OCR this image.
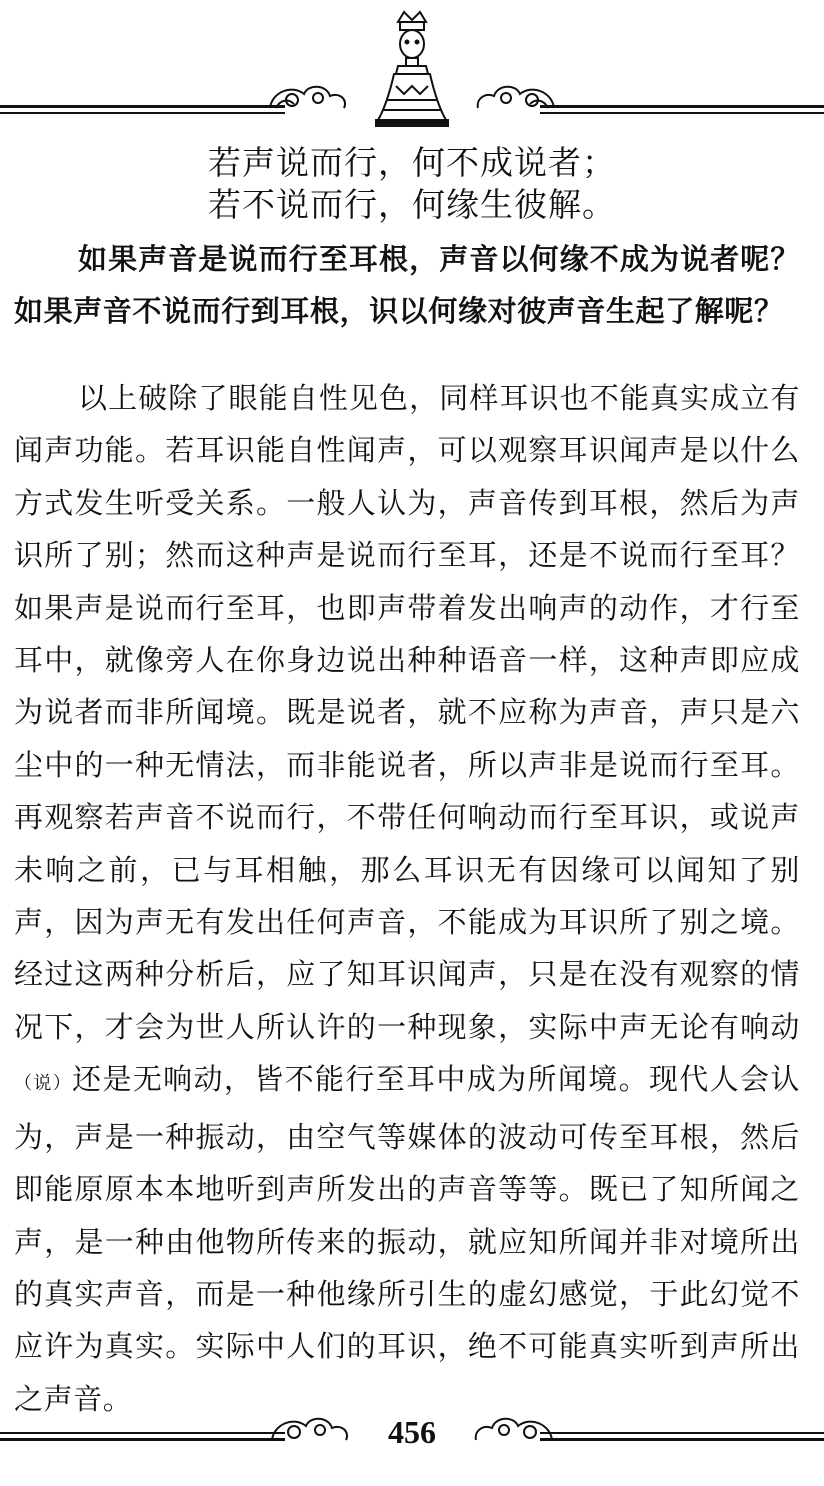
若声说而行，何不成说者；
若不说而行，何缘生彼解。
如果声音是说而行至耳根，声音以何缘不成为说者呢？如果声音不说而行到耳根，识以何缘对彼声音生起了解呢？
以上破除了眼能自性见色，同样耳识也不能真实成立有闻声功能。若耳识能自性闻声，可以观察耳识闻声是以什么方式发生听受关系。一般人认为，声音传到耳根，然后为声识所了别；然而这种声是说而行至耳，还是不说而行至耳？如果声是说而行至耳，也即声带着发出响声的动作，才行至耳中，就像旁人在你身边说出种种语音一样，这种声即应成为说者而非所闻境。既是说者，就不应称为声音，声只是六尘中的一种无情法，而非能说者，所以声非是说而行至耳。再观察若声音不说而行，不带任何响动而行至耳识，或说声未响之前，已与耳相触，那么耳识无有因缘可以闻知了别声，因为声无有发出任何声音，不能成为耳识所了别之境。经过这两种分析后，应了知耳识闻声，只是在没有观察的情况下，才会为世人所认许的一种现象，实际中声无论有响动（说）还是无响动，皆不能行至耳中成为所闻境。现代人会认为，声是一种振动，由空气等媒体的波动可传至耳根，然后即能原原本本地听到声所发出的声音等等。既已了知所闻之声，是一种由他物所传来的振动，就应知所闻并非对境所出的真实声音，而是一种他缘所引生的虚幻感觉，于此幻觉不应许为真实。实际中人们的耳识，绝不可能真实听到声所出之声音。
456
